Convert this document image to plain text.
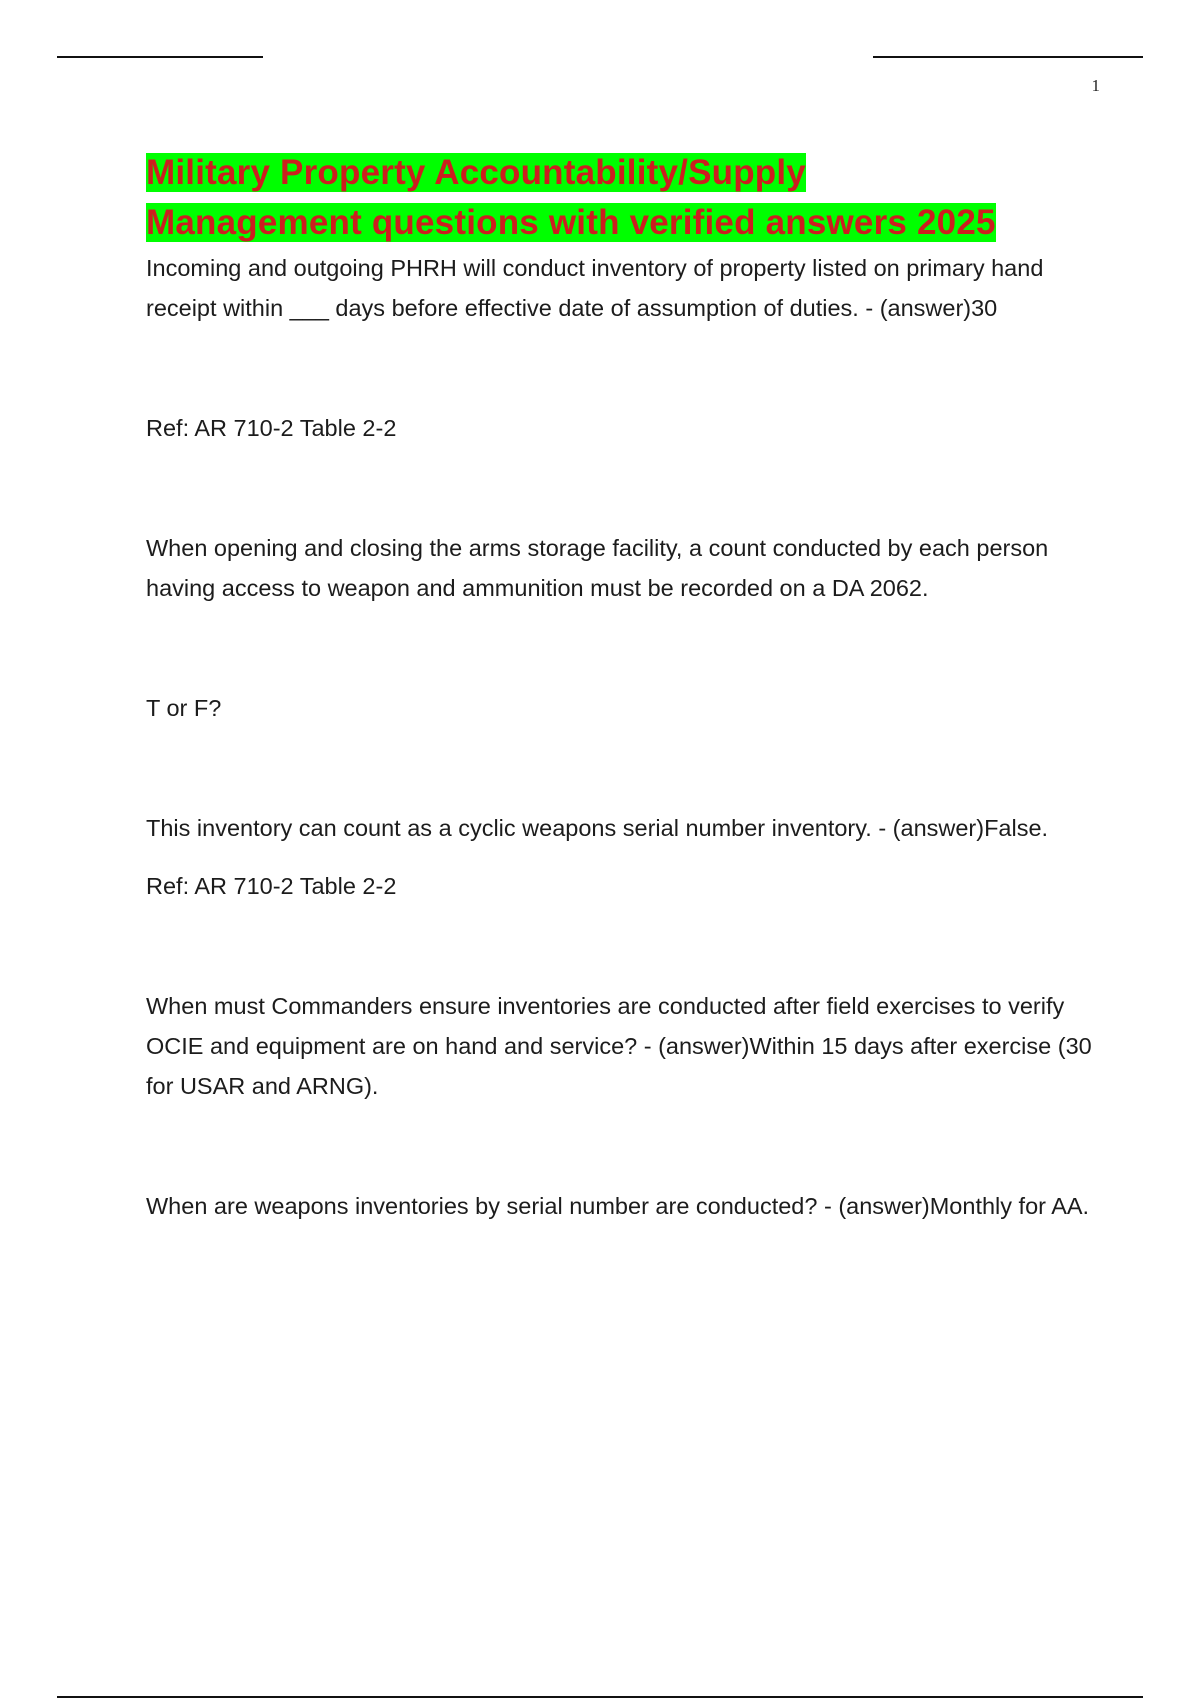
1
Military Property Accountability/Supply
Management questions with verified answers 2025

Incoming and outgoing PHRH will conduct inventory of property listed on primary hand receipt within ___ days before effective date of assumption of duties. - (answer)30

Ref: AR 710-2 Table 2-2

When opening and closing the arms storage facility, a count conducted by each person having access to weapon and ammunition must be recorded on a DA 2062.

T or F?

This inventory can count as a cyclic weapons serial number inventory. - (answer)False.

Ref: AR 710-2 Table 2-2

When must Commanders ensure inventories are conducted after field exercises to verify OCIE and equipment are on hand and service? - (answer)Within 15 days after exercise (30 for USAR and ARNG).

When are weapons inventories by serial number are conducted? - (answer)Monthly for AA.
